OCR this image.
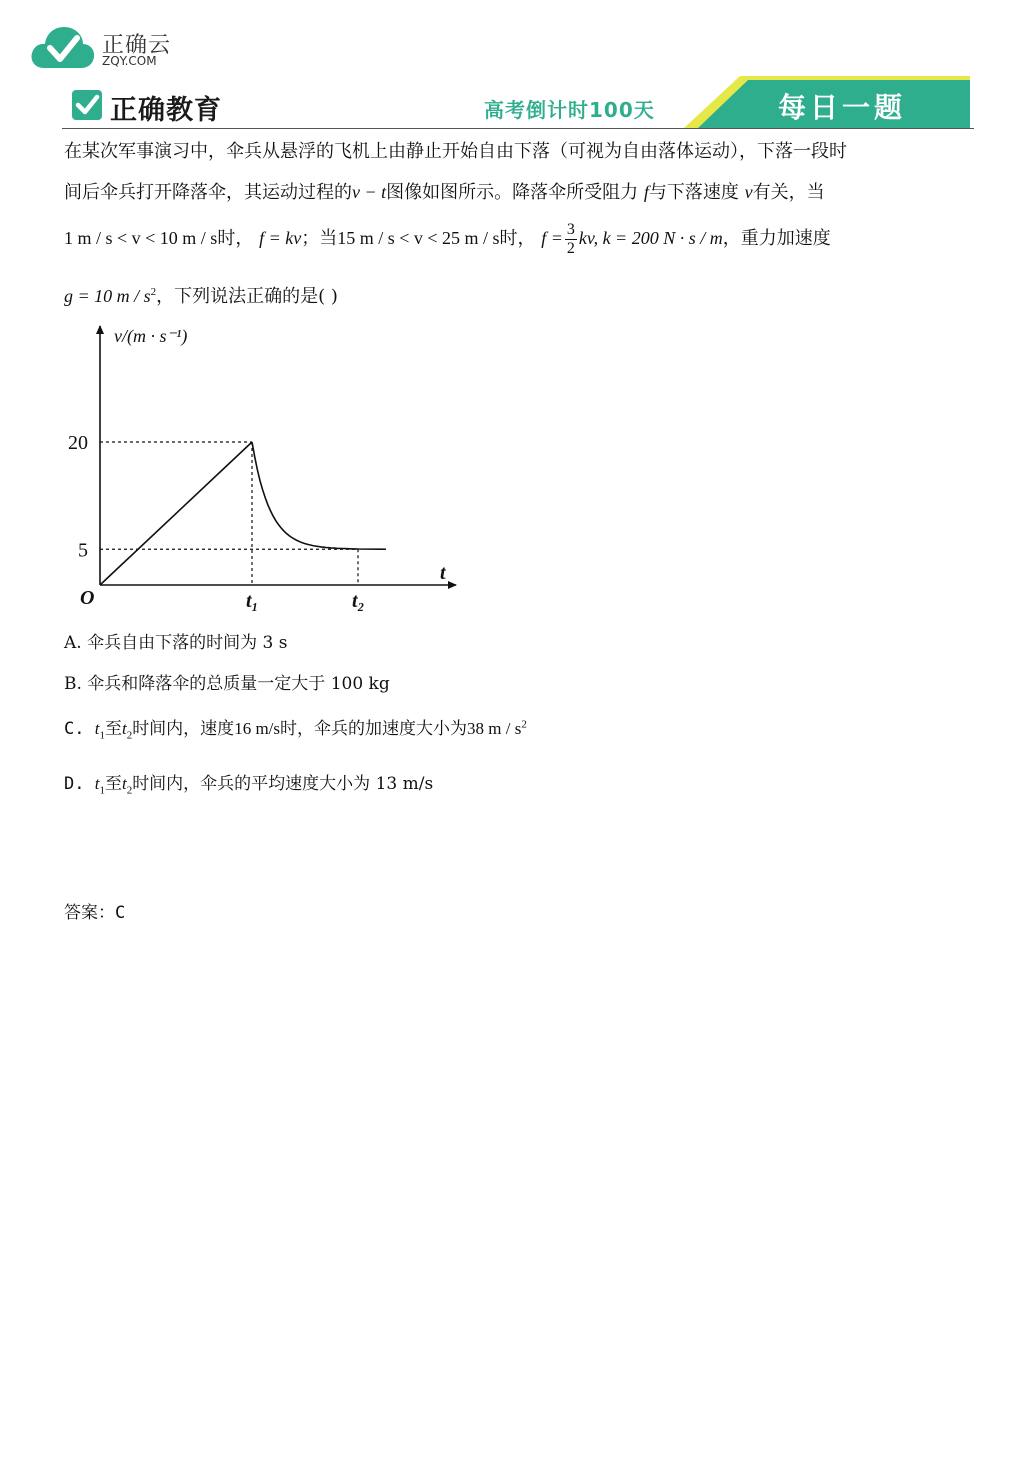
正确云
ZQY.COM
正确教育	高考倒计时100天	每日一题
在某次军事演习中，伞兵从悬浮的飞机上由静止开始自由下落（可视为自由落体运动），下落一段时
间后伞兵打开降落伞，其运动过程的v − t图像如图所示。降落伞所受阻力 f与下落速度 v有关，当
1 m / s < v < 10 m / s时， f = kv；当15 m / s < v < 25 m / s时， $f = \frac{3}{2}$ kv, k = 200 N · s / m，重力加速度
g = 10 m / $s^2$，下列说法正确的是( )
v/(m · s⁻¹)
20
5
O	t₁	t₂
t
A. 伞兵自由下落的时间为 3 s
B. 伞兵和降落伞的总质量一定大于 100 kg
C. $t_1$至$t_2$时间内，速度16 m/s时，伞兵的加速度大小为38 m / $s^2$
D. $t_1$至$t_2$时间内，伞兵的平均速度大小为 13 m/s
答案：C
